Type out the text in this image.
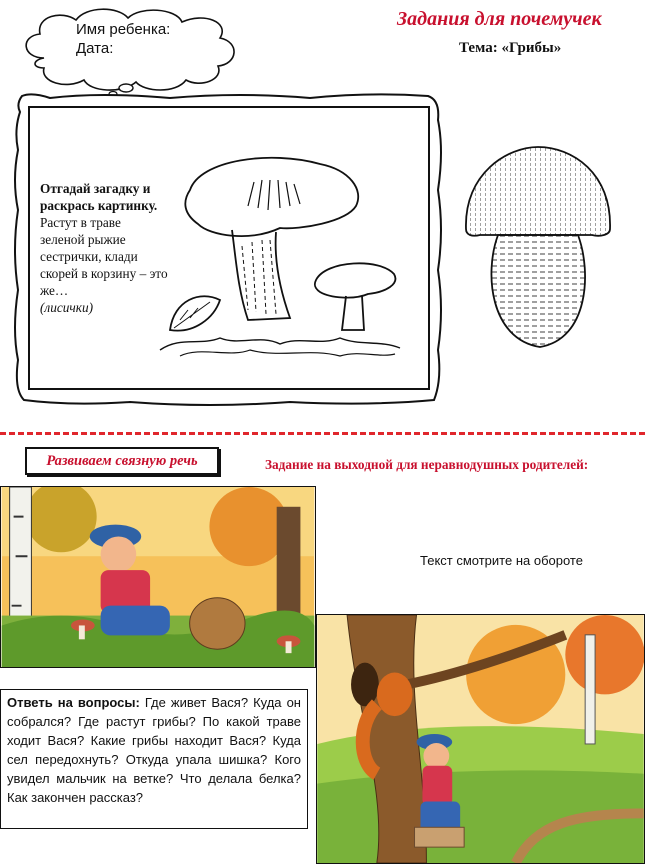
Имя ребенка:
Дата:
Задания для почемучек
Тема: «Грибы»
Отгадай загадку и раскрась картинку.
Растут в траве зеленой рыжие сестрички, клади скорей в корзину – это же…
(лисички)
Развиваем связную речь	Задание на выходной для неравнодушных родителей:
Текст смотрите на обороте
Ответь на вопросы: Где живет Вася? Куда он собрался? Где растут грибы? По какой траве ходит Вася? Какие грибы находит Вася? Куда сел передохнуть? Откуда упала шишка? Кого увидел мальчик на ветке? Что делала белка? Как закончен рассказ?
